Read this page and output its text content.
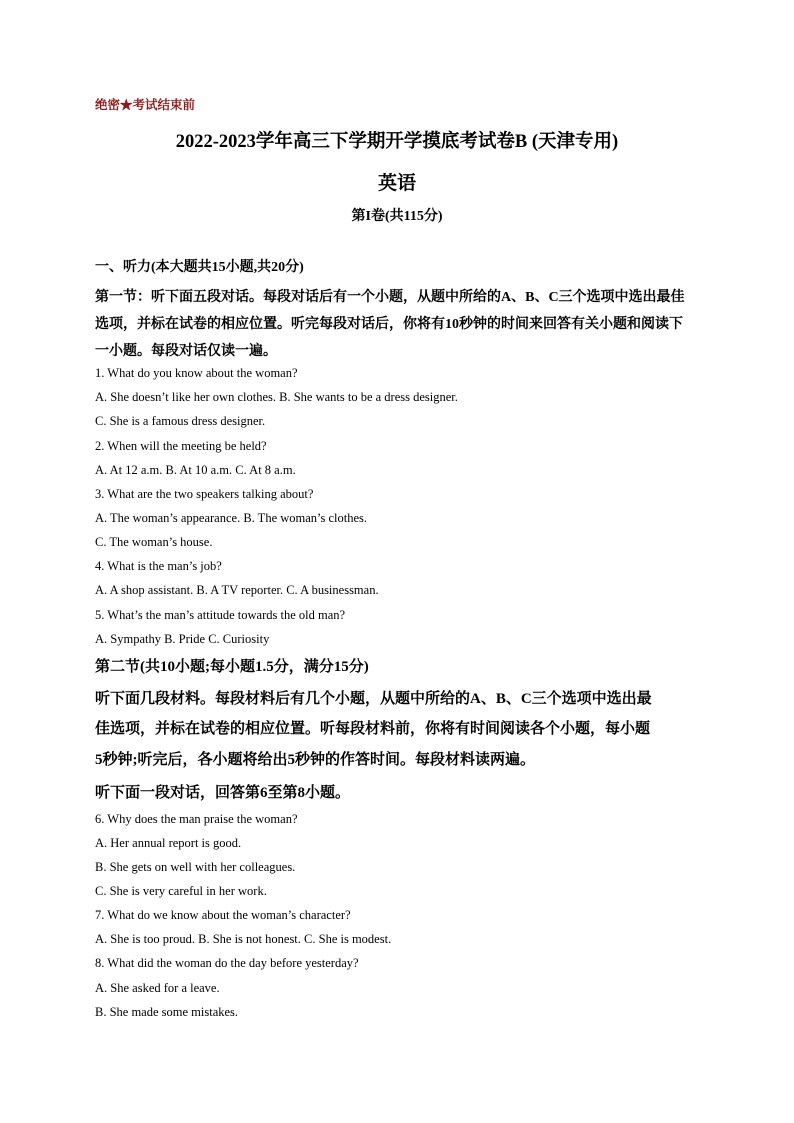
绝密★考试结束前
2022-2023学年高三下学期开学摸底考试卷B (天津专用)
英语
第I卷(共115分)
一、听力(本大题共15小题,共20分)
第一节：听下面五段对话。每段对话后有一个小题，从题中所给的A、B、C三个选项中选出最佳
选项，并标在试卷的相应位置。听完每段对话后，你将有10秒钟的时间来回答有关小题和阅读下
一小题。每段对话仅读一遍。
1. What do you know about the woman?
A. She doesn’t like her own clothes. B. She wants to be a dress designer.
C. She is a famous dress designer.
2. When will the meeting be held?
A. At 12 a.m. B. At 10 a.m. C. At 8 a.m.
3. What are the two speakers talking about?
A. The woman’s appearance. B. The woman’s clothes.
C. The woman’s house.
4. What is the man’s job?
A. A shop assistant. B. A TV reporter. C. A businessman.
5. What’s the man’s attitude towards the old man?
A. Sympathy B. Pride C. Curiosity
第二节(共10小题;每小题1.5分，满分15分)
听下面几段材料。每段材料后有几个小题，从题中所给的A、B、C三个选项中选出最
佳选项，并标在试卷的相应位置。听每段材料前，你将有时间阅读各个小题，每小题
5秒钟;听完后，各小题将给出5秒钟的作答时间。每段材料读两遍。
听下面一段对话，回答第6至第8小题。
6. Why does the man praise the woman?
A. Her annual report is good.
B. She gets on well with her colleagues.
C. She is very careful in her work.
7. What do we know about the woman’s character?
A. She is too proud. B. She is not honest. C. She is modest.
8. What did the woman do the day before yesterday?
A. She asked for a leave.
B. She made some mistakes.
